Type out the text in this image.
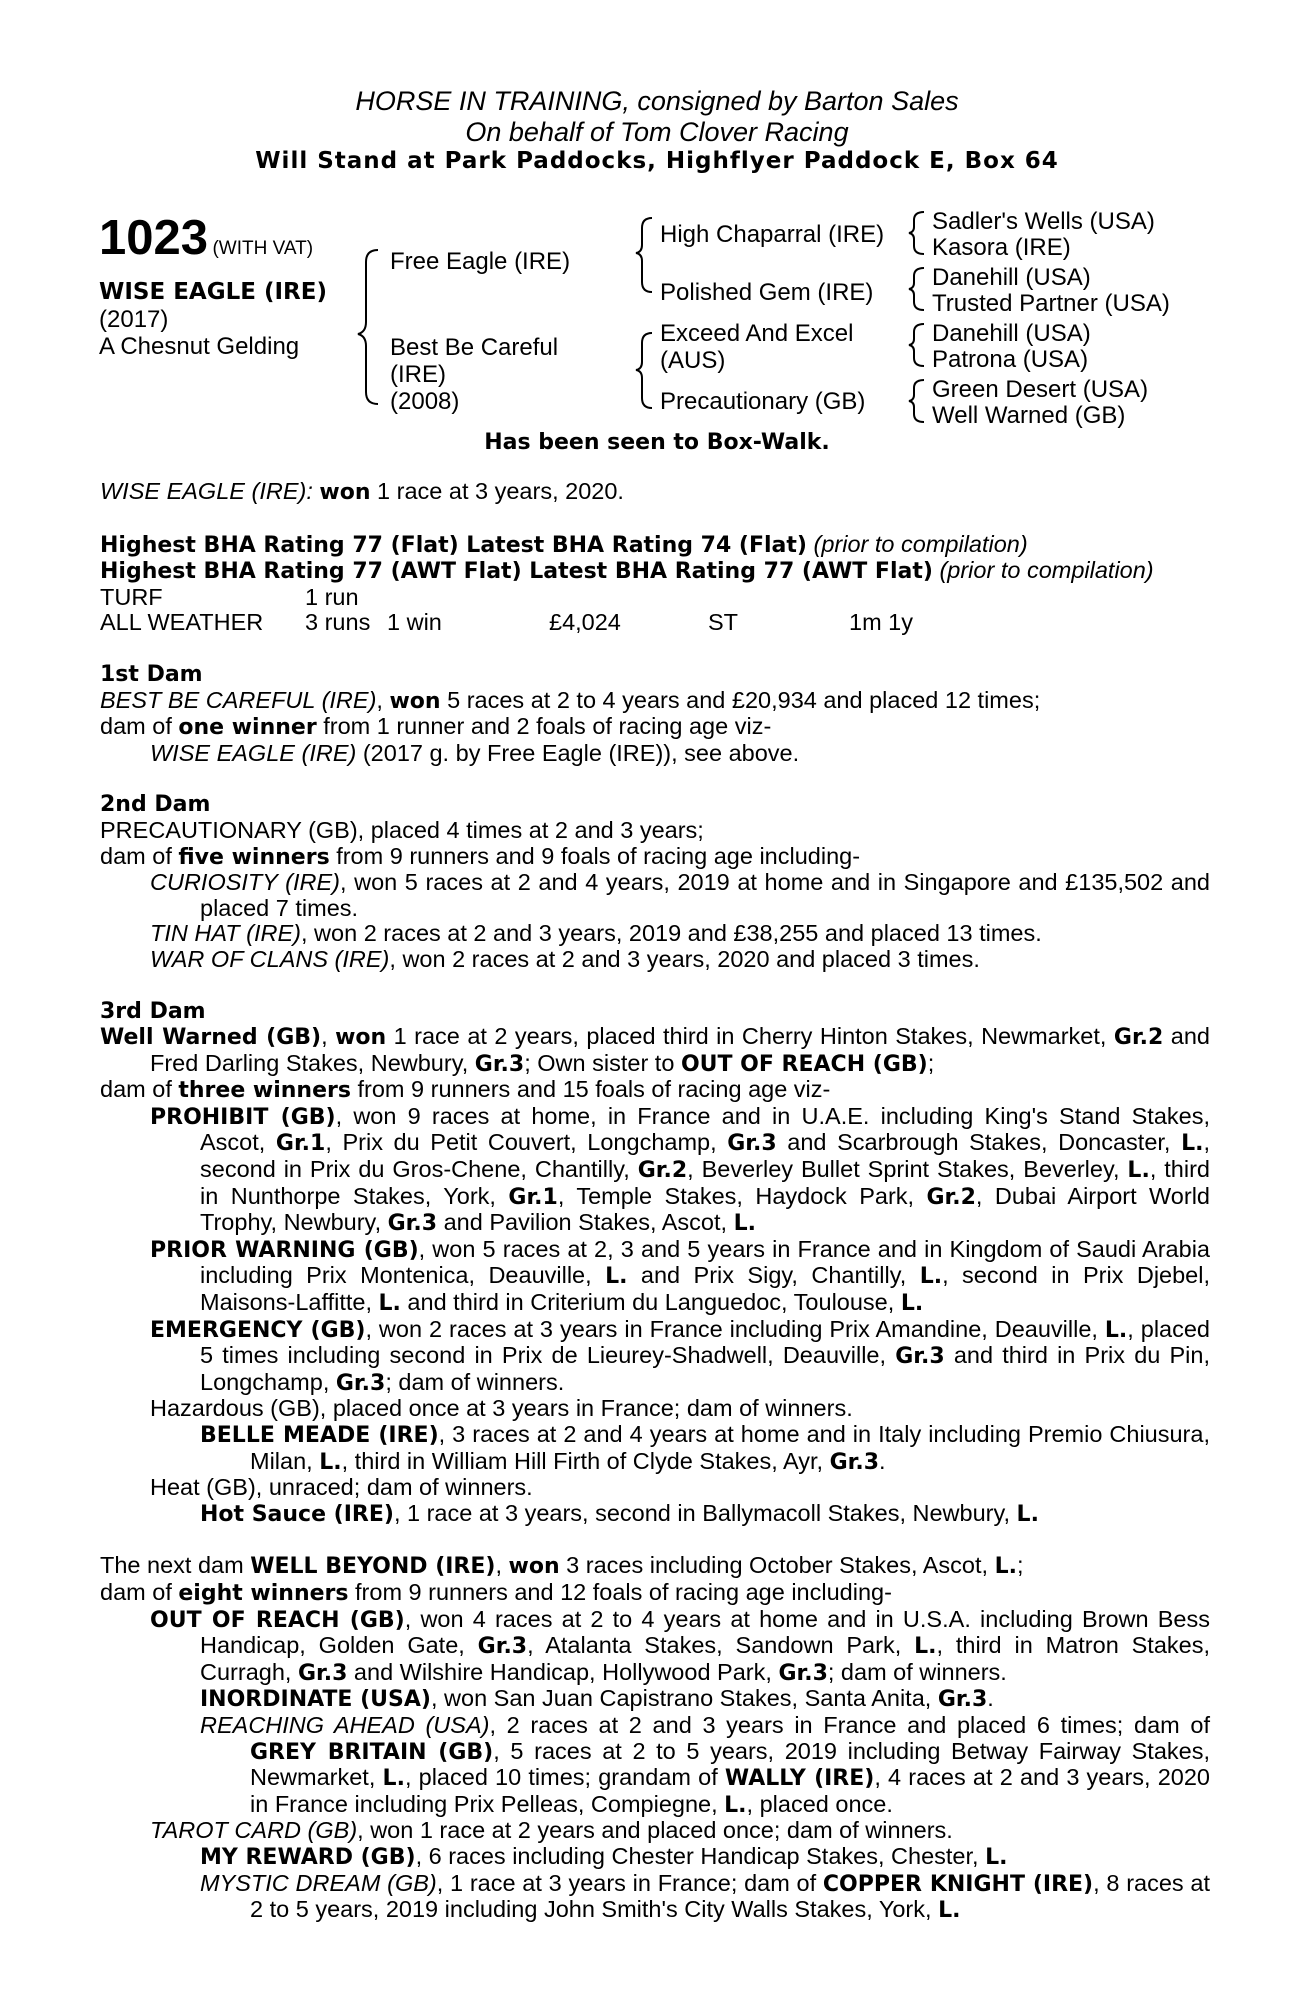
HORSE IN TRAINING, consigned by Barton Sales
On behalf of Tom Clover Racing
Will Stand at Park Paddocks, Highflyer Paddock E, Box 64
1023 (WITH VAT)
WISE EAGLE (IRE)
(2017)
A Chesnut Gelding
Free Eagle (IRE)
Best Be Careful
(IRE)
(2008)
High Chaparral (IRE)
Polished Gem (IRE)
Exceed And Excel
(AUS)
Precautionary (GB)
Sadler's Wells (USA)
Kasora (IRE)
Danehill (USA)
Trusted Partner (USA)
Danehill (USA)
Patrona (USA)
Green Desert (USA)
Well Warned (GB)
Has been seen to Box-Walk.

WISE EAGLE (IRE): won 1 race at 3 years, 2020.

Highest BHA Rating 77 (Flat) Latest BHA Rating 74 (Flat) (prior to compilation)

Highest BHA Rating 77 (AWT Flat) Latest BHA Rating 77 (AWT Flat) (prior to compilation)

TURF	1 run
ALL WEATHER 3 runs 1 win	£4,024	ST	1m 1y

1st Dam

BEST BE CAREFUL (IRE), won 5 races at 2 to 4 years and £20,934 and placed 12 times;

dam of one winner from 1 runner and 2 foals of racing age viz-

WISE EAGLE (IRE) (2017 g. by Free Eagle (IRE)), see above.

2nd Dam

PRECAUTIONARY (GB), placed 4 times at 2 and 3 years;

dam of five winners from 9 runners and 9 foals of racing age including-

CURIOSITY (IRE), won 5 races at 2 and 4 years, 2019 at home and in Singapore and £135,502 and placed 7 times.

TIN HAT (IRE), won 2 races at 2 and 3 years, 2019 and £38,255 and placed 13 times.

WAR OF CLANS (IRE), won 2 races at 2 and 3 years, 2020 and placed 3 times.

3rd Dam

Well Warned (GB), won 1 race at 2 years, placed third in Cherry Hinton Stakes, Newmarket, Gr.2 and Fred Darling Stakes, Newbury, Gr.3; Own sister to OUT OF REACH (GB);

dam of three winners from 9 runners and 15 foals of racing age viz-

PROHIBIT (GB), won 9 races at home, in France and in U.A.E. including King's Stand Stakes, Ascot, Gr.1, Prix du Petit Couvert, Longchamp, Gr.3 and Scarbrough Stakes, Doncaster, L., second in Prix du Gros-Chene, Chantilly, Gr.2, Beverley Bullet Sprint Stakes, Beverley, L., third in Nunthorpe Stakes, York, Gr.1, Temple Stakes, Haydock Park, Gr.2, Dubai Airport World Trophy, Newbury, Gr.3 and Pavilion Stakes, Ascot, L.

PRIOR WARNING (GB), won 5 races at 2, 3 and 5 years in France and in Kingdom of Saudi Arabia including Prix Montenica, Deauville, L. and Prix Sigy, Chantilly, L., second in Prix Djebel, Maisons-Laffitte, L. and third in Criterium du Languedoc, Toulouse, L.

EMERGENCY (GB), won 2 races at 3 years in France including Prix Amandine, Deauville, L., placed 5 times including second in Prix de Lieurey-Shadwell, Deauville, Gr.3 and third in Prix du Pin, Longchamp, Gr.3; dam of winners.

Hazardous (GB), placed once at 3 years in France; dam of winners.

BELLE MEADE (IRE), 3 races at 2 and 4 years at home and in Italy including Premio Chiusura, Milan, L., third in William Hill Firth of Clyde Stakes, Ayr, Gr.3.

Heat (GB), unraced; dam of winners.

Hot Sauce (IRE), 1 race at 3 years, second in Ballymacoll Stakes, Newbury, L.

The next dam WELL BEYOND (IRE), won 3 races including October Stakes, Ascot, L.;

dam of eight winners from 9 runners and 12 foals of racing age including-

OUT OF REACH (GB), won 4 races at 2 to 4 years at home and in U.S.A. including Brown Bess Handicap, Golden Gate, Gr.3, Atalanta Stakes, Sandown Park, L., third in Matron Stakes, Curragh, Gr.3 and Wilshire Handicap, Hollywood Park, Gr.3; dam of winners.

INORDINATE (USA), won San Juan Capistrano Stakes, Santa Anita, Gr.3.

REACHING AHEAD (USA), 2 races at 2 and 3 years in France and placed 6 times; dam of GREY BRITAIN (GB), 5 races at 2 to 5 years, 2019 including Betway Fairway Stakes, Newmarket, L., placed 10 times; grandam of WALLY (IRE), 4 races at 2 and 3 years, 2020 in France including Prix Pelleas, Compiegne, L., placed once.

TAROT CARD (GB), won 1 race at 2 years and placed once; dam of winners.

MY REWARD (GB), 6 races including Chester Handicap Stakes, Chester, L.

MYSTIC DREAM (GB), 1 race at 3 years in France; dam of COPPER KNIGHT (IRE), 8 races at 2 to 5 years, 2019 including John Smith's City Walls Stakes, York, L.
